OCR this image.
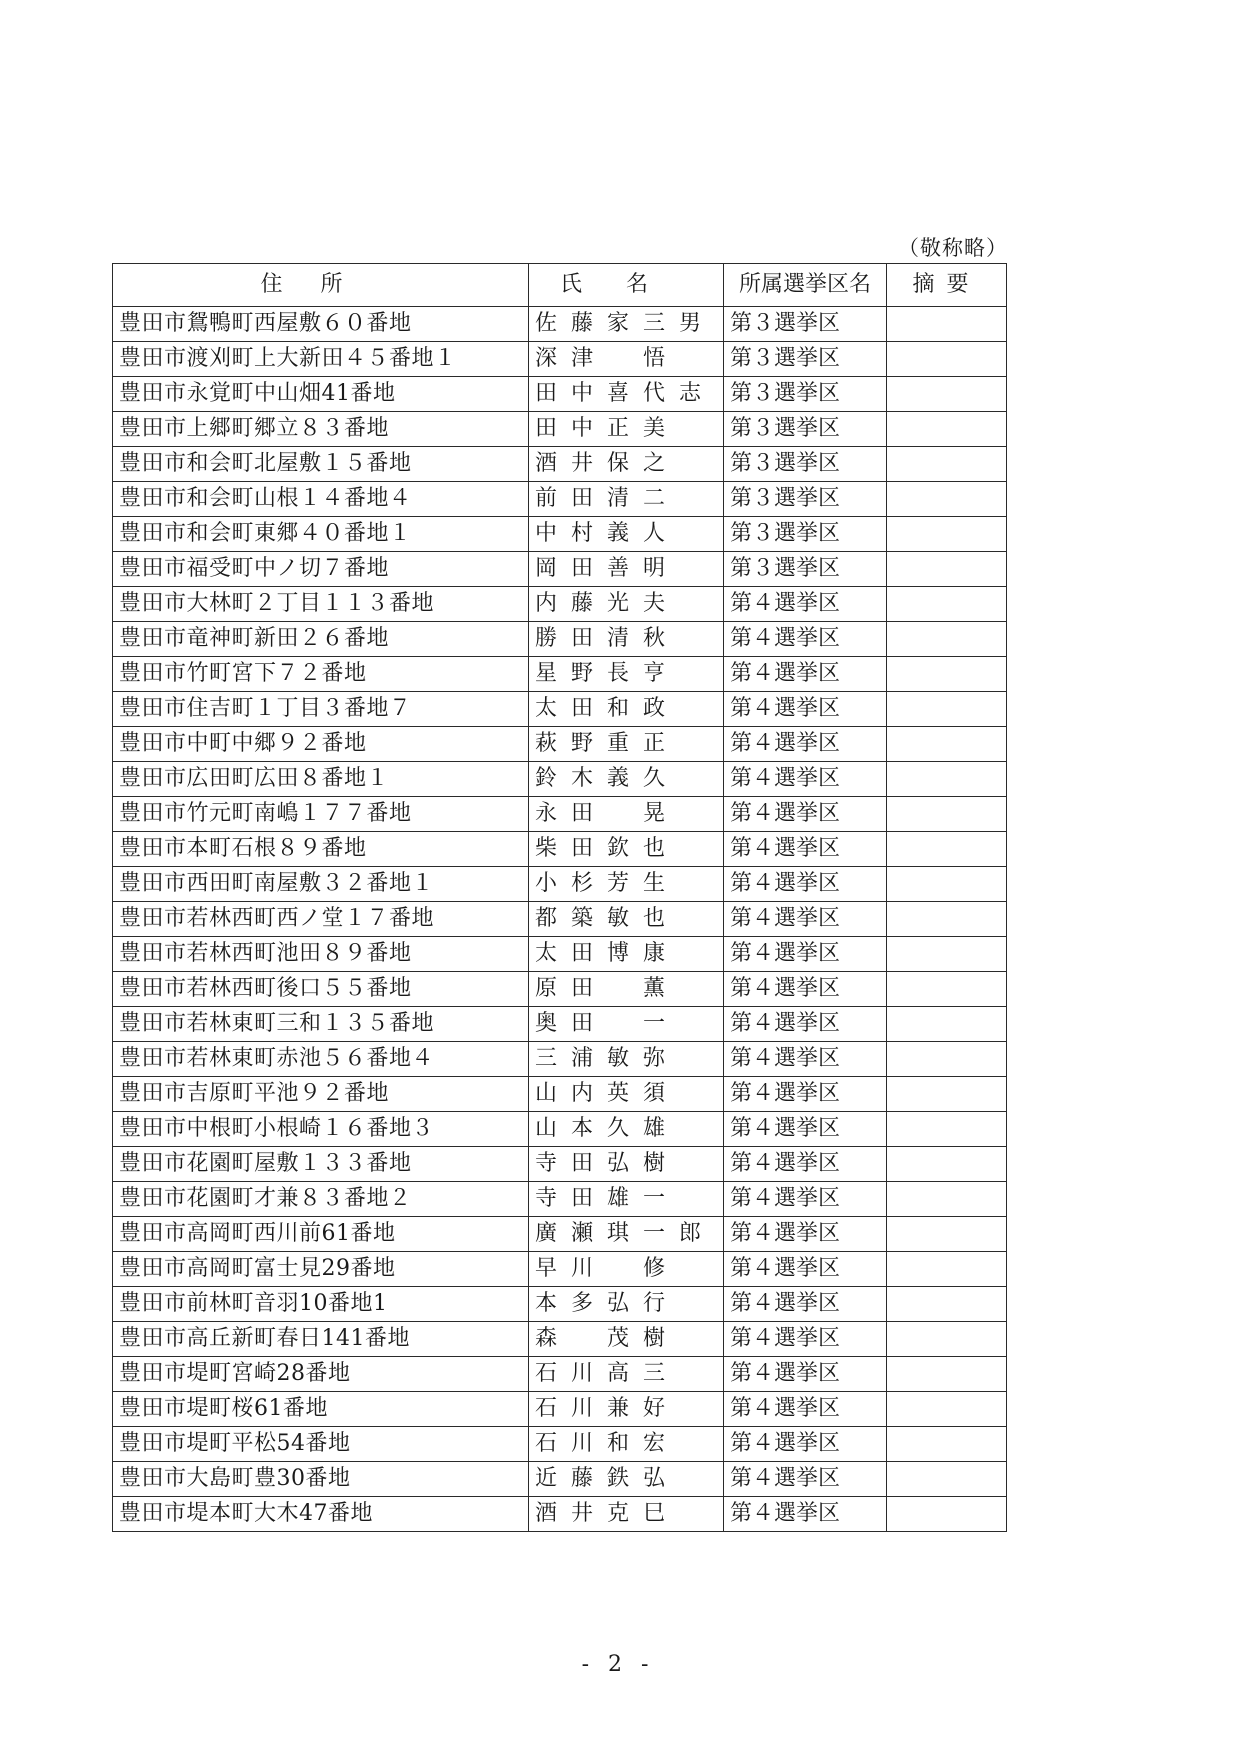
（敬称略）
住所	氏名	所属選挙区名	摘要
豊田市鴛鴨町西屋敷６０番地	佐藤家三男	第３選挙区	
豊田市渡刈町上大新田４５番地１	深津　悟	第３選挙区	
豊田市永覚町中山畑41番地	田中喜代志	第３選挙区	
豊田市上郷町郷立８３番地	田中正美	第３選挙区	
豊田市和会町北屋敷１５番地	酒井保之	第３選挙区	
豊田市和会町山根１４番地４	前田清二	第３選挙区	
豊田市和会町東郷４０番地１	中村義人	第３選挙区	
豊田市福受町中ノ切７番地	岡田善明	第３選挙区	
豊田市大林町２丁目１１３番地	内藤光夫	第４選挙区	
豊田市竜神町新田２６番地	勝田清秋	第４選挙区	
豊田市竹町宮下７２番地	星野長亨	第４選挙区	
豊田市住吉町１丁目３番地７	太田和政	第４選挙区	
豊田市中町中郷９２番地	萩野重正	第４選挙区	
豊田市広田町広田８番地１	鈴木義久	第４選挙区	
豊田市竹元町南嶋１７７番地	永田　晃	第４選挙区	
豊田市本町石根８９番地	柴田欽也	第４選挙区	
豊田市西田町南屋敷３２番地１	小杉芳生	第４選挙区	
豊田市若林西町西ノ堂１７番地	都築敏也	第４選挙区	
豊田市若林西町池田８９番地	太田博康	第４選挙区	
豊田市若林西町後口５５番地	原田　薫	第４選挙区	
豊田市若林東町三和１３５番地	奥田　一	第４選挙区	
豊田市若林東町赤池５６番地４	三浦敏弥	第４選挙区	
豊田市吉原町平池９２番地	山内英須	第４選挙区	
豊田市中根町小根崎１６番地３	山本久雄	第４選挙区	
豊田市花園町屋敷１３３番地	寺田弘樹	第４選挙区	
豊田市花園町才兼８３番地２	寺田雄一	第４選挙区	
豊田市高岡町西川前61番地	廣瀬琪一郎	第４選挙区	
豊田市高岡町富士見29番地	早川　修	第４選挙区	
豊田市前林町音羽10番地1	本多弘行	第４選挙区	
豊田市高丘新町春日141番地	森　茂樹	第４選挙区	
豊田市堤町宮崎28番地	石川高三	第４選挙区	
豊田市堤町桜61番地	石川兼好	第４選挙区	
豊田市堤町平松54番地	石川和宏	第４選挙区	
豊田市大島町豊30番地	近藤鉄弘	第４選挙区	
豊田市堤本町大木47番地	酒井克巳	第４選挙区	
- 2 -
